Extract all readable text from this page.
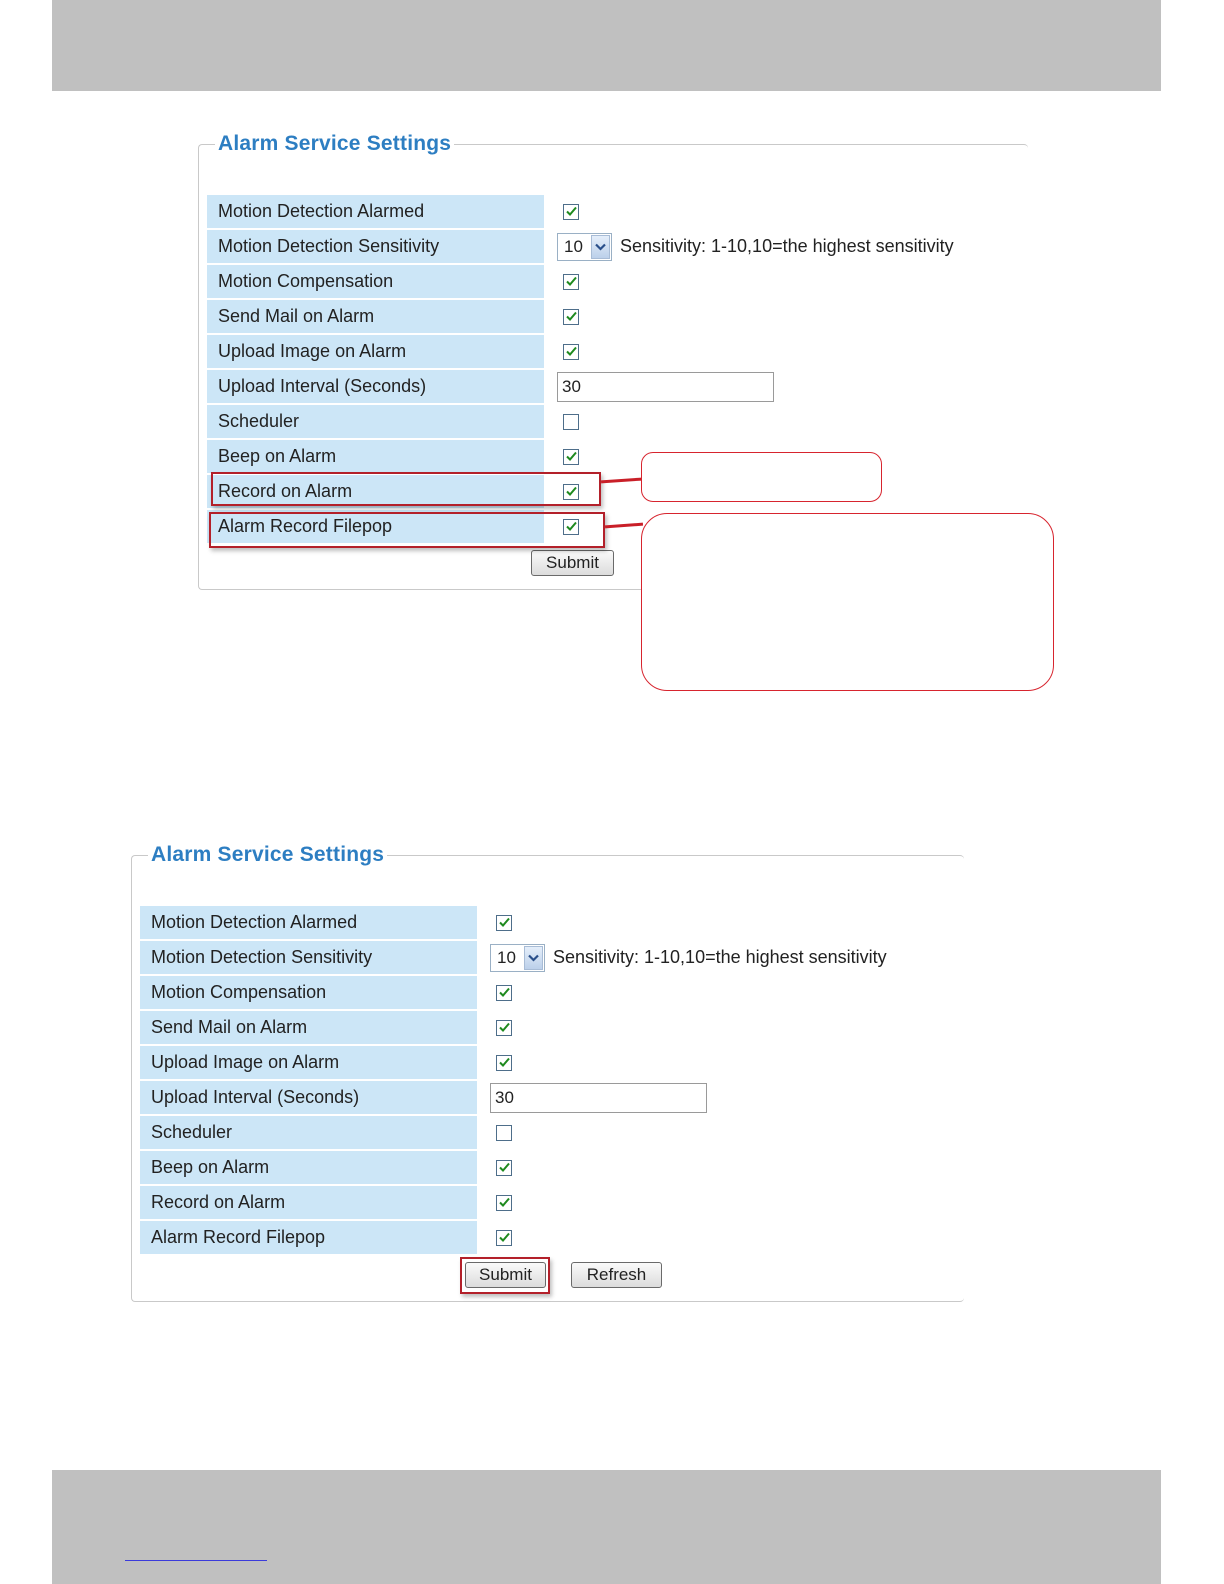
Alarm Service Settings
Motion Detection Alarmed
Motion Detection Sensitivity	10	Sensitivity: 1-10,10=the highest sensitivity
Motion Compensation
Send Mail on Alarm
Upload Image on Alarm
Upload Interval (Seconds)	30
Scheduler
Beep on Alarm
Record on Alarm
Alarm Record Filepop
Submit
Alarm Service Settings
Motion Detection Alarmed
Motion Detection Sensitivity	10	Sensitivity: 1-10,10=the highest sensitivity
Motion Compensation
Send Mail on Alarm
Upload Image on Alarm
Upload Interval (Seconds)	30
Scheduler
Beep on Alarm
Record on Alarm
Alarm Record Filepop
Submit	Refresh
